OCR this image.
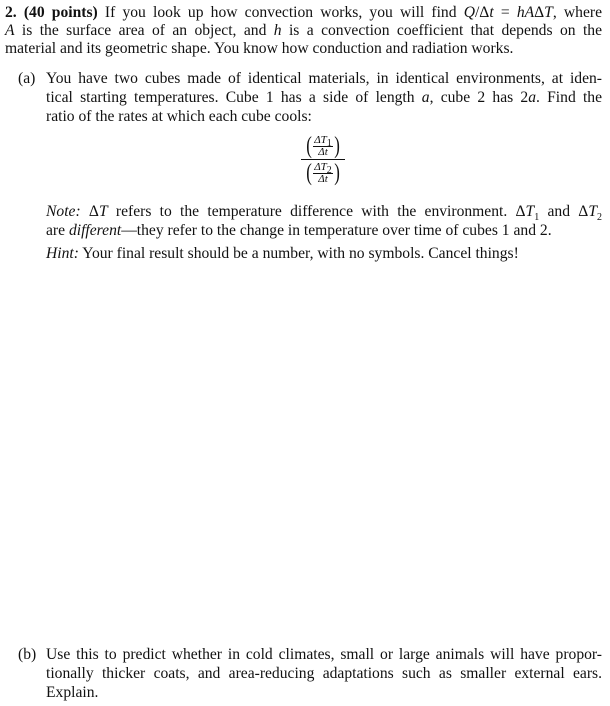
2. (40 points) If you look up how convection works, you will find Q/Δt = hAΔT, where
A is the surface area of an object, and h is a convection coefficient that depends on the
material and its geometric shape. You know how conduction and radiation works.
(a) You have two cubes made of identical materials, in identical environments, at iden-
tical starting temperatures. Cube 1 has a side of length a, cube 2 has 2a. Find the
ratio of the rates at which each cube cools:
( $\Delta T_1$
Δt )
( $\Delta T_2$
Δt )
Note: ΔT refers to the temperature difference with the environment. $\Delta T_1$ and $\Delta T_2$
are different—they refer to the change in temperature over time of cubes 1 and 2.
Hint: Your final result should be a number, with no symbols. Cancel things!
(b) Use this to predict whether in cold climates, small or large animals will have propor-
tionally thicker coats, and area-reducing adaptations such as smaller external ears.
Explain.
